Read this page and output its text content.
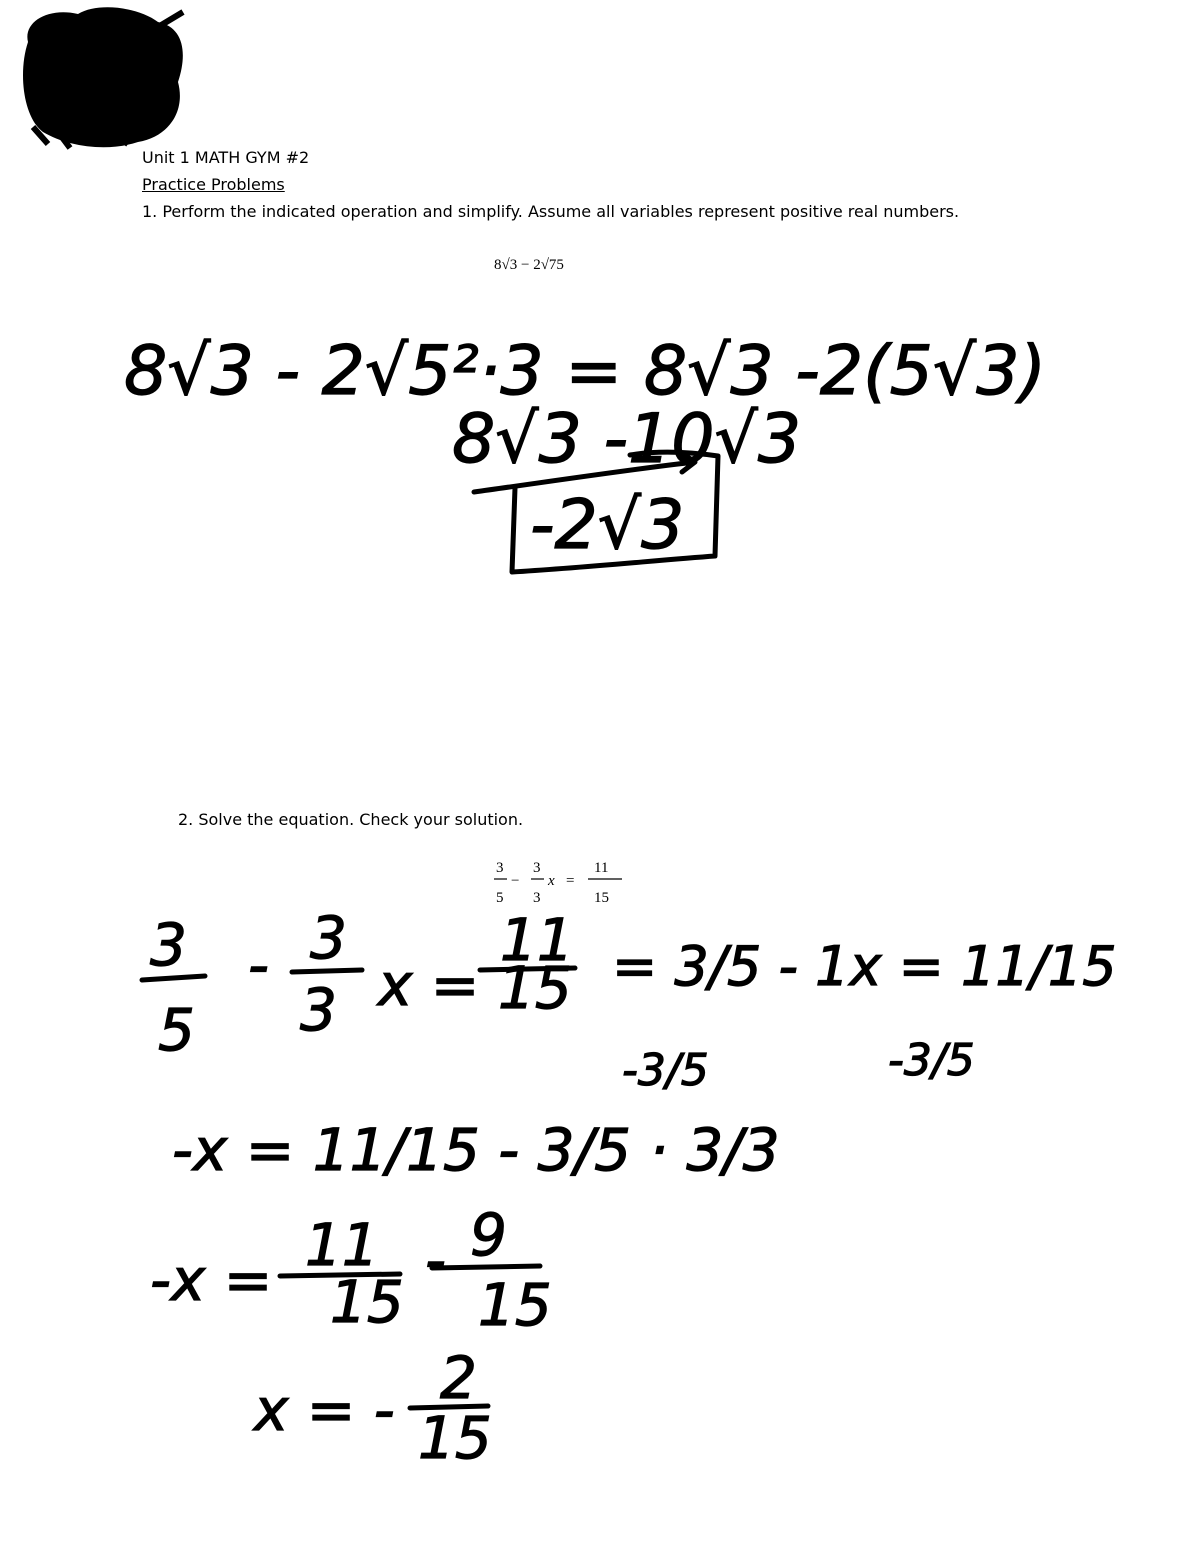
Unit 1 MATH GYM #2
Practice Problems
1. Perform the indicated operation and simplify. Assume all variables represent positive real numbers.
8√3 − 2√75
2. Solve the equation. Check your solution.
3
5
−
3
3
x =
11
15
8√3 - 2√5²·3 = 8√3 -2(5√3)
8√3 -10√3
-2√3
3
5
- 3
3 x =
11
15 = 3/5 - 1x = 11/15
-3/5	-3/5
-x = 11/15 - 3/5 · 3/3
-x =
11
15
- 9
15
x = - 2
15
